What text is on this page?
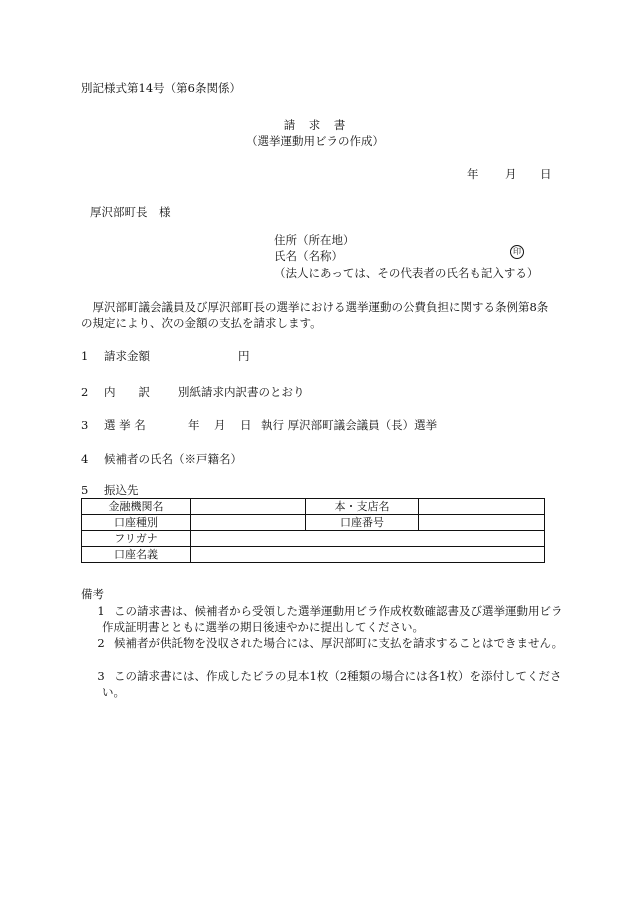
別記様式第14号（第6条関係）
請　求　書
（選挙運動用ビラの作成）
年 月 日
厚沢部町長　様
住所（所在地）
氏名（名称）	印
（法人にあっては、その代表者の氏名も記入する）
厚沢部町議会議員及び厚沢部町長の選挙における選挙運動の公費負担に関する条例第8条の規定により、次の金額の支払を請求します。
1 請求金額	円
2 内　　訳 別紙請求内訳書のとおり
3 選 挙 名	年 月 日 執行 厚沢部町議会議員（長）選挙
4 候補者の氏名（※戸籍名）
5 振込先
金融機関名		本・支店名	
口座種別		口座番号	
フリガナ			
口座名義			
備考
1 この請求書は、候補者から受領した選挙運動用ビラ作成枚数確認書及び選挙運動用ビラ作成証明書とともに選挙の期日後速やかに提出してください。
2 候補者が供託物を没収された場合には、厚沢部町に支払を請求することはできません。
3 この請求書には、作成したビラの見本1枚（2種類の場合には各1枚）を添付してください。
